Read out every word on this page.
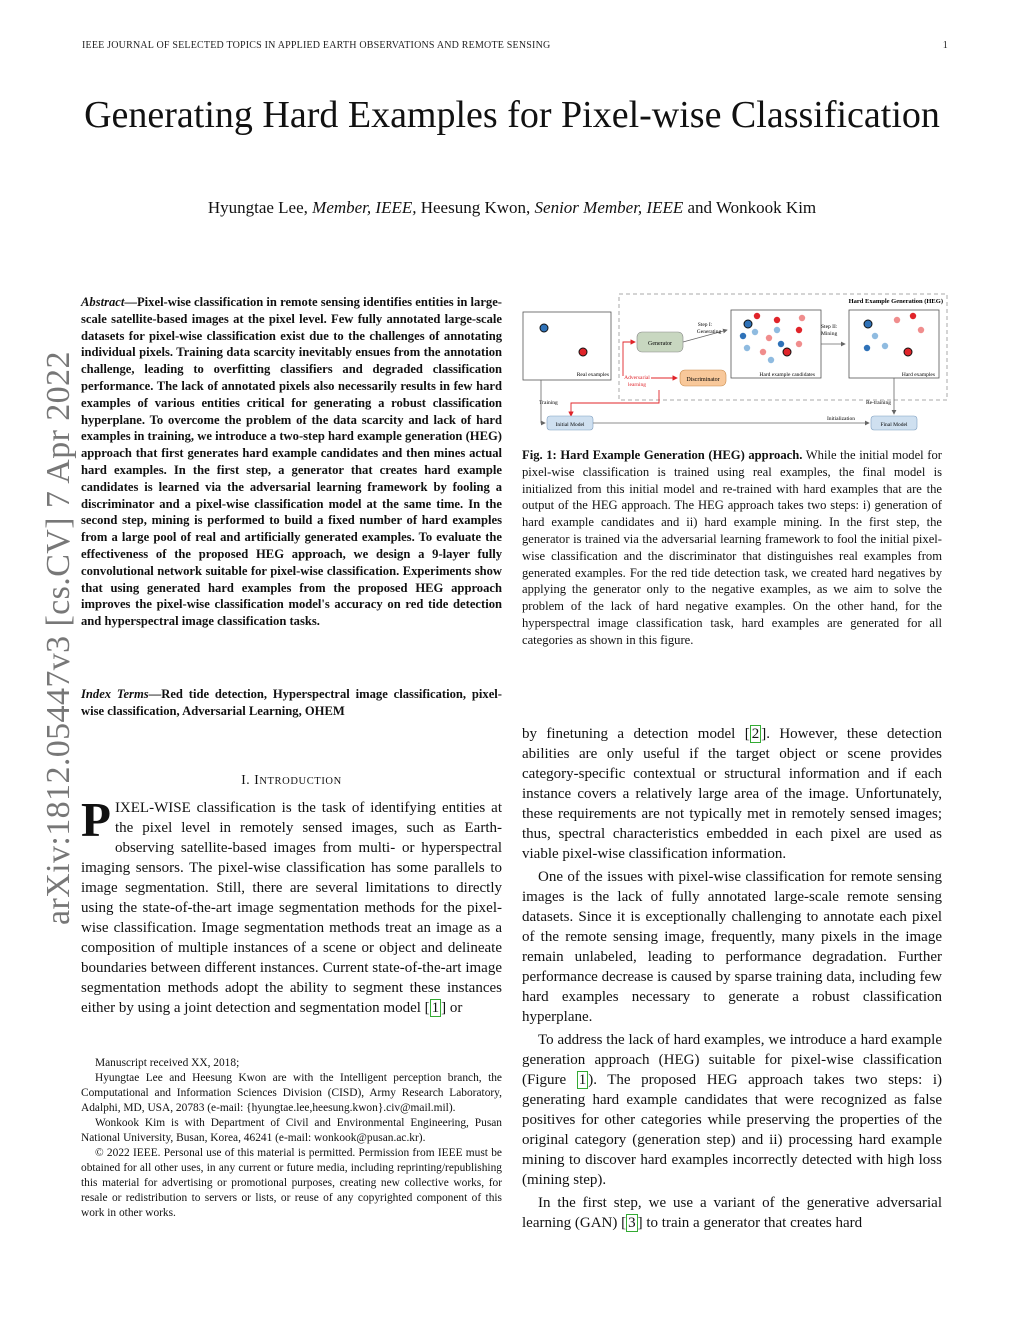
IEEE JOURNAL OF SELECTED TOPICS IN APPLIED EARTH OBSERVATIONS AND REMOTE SENSING	1
Generating Hard Examples for Pixel-wise Classification
Hyungtae Lee, Member, IEEE, Heesung Kwon, Senior Member, IEEE and Wonkook Kim
arXiv:1812.05447v3 [cs.CV] 7 Apr 2022
Abstract—Pixel-wise classification in remote sensing identifies entities in large-scale satellite-based images at the pixel level. Few fully annotated large-scale datasets for pixel-wise classification exist due to the challenges of annotating individual pixels. Training data scarcity inevitably ensues from the annotation challenge, leading to overfitting classifiers and degraded classification performance. The lack of annotated pixels also necessarily results in few hard examples of various entities critical for generating a robust classification hyperplane. To overcome the problem of the data scarcity and lack of hard examples in training, we introduce a two-step hard example generation (HEG) approach that first generates hard example candidates and then mines actual hard examples. In the first step, a generator that creates hard example candidates is learned via the adversarial learning framework by fooling a discriminator and a pixel-wise classification model at the same time. In the second step, mining is performed to build a fixed number of hard examples from a large pool of real and artificially generated examples. To evaluate the effectiveness of the proposed HEG approach, we design a 9-layer fully convolutional network suitable for pixel-wise classification. Experiments show that using generated hard examples from the proposed HEG approach improves the pixel-wise classification model's accuracy on red tide detection and hyperspectral image classification tasks.
Index Terms—Red tide detection, Hyperspectral image classification, pixel-wise classification, Adversarial Learning, OHEM
I. INTRODUCTION
PIXEL-WISE classification is the task of identifying entities at the pixel level in remotely sensed images, such as Earth-observing satellite-based images from multi- or hyperspectral imaging sensors. The pixel-wise classification has some parallels to image segmentation. Still, there are several limitations to directly using the state-of-the-art image segmentation methods for the pixel-wise classification. Image segmentation methods treat an image as a composition of multiple instances of a scene or object and delineate boundaries between different instances. Current state-of-the-art image segmentation methods adopt the ability to segment these instances either by using a joint detection and segmentation model [ 1 ] or

Manuscript received XX, 2018;

Hyungtae Lee and Heesung Kwon are with the Intelligent perception branch, the Computational and Information Sciences Division (CISD), Army Research Laboratory, Adalphi, MD, USA, 20783 (e-mail: {hyungtae.lee,heesung.kwon}.civ@mail.mil).

Wonkook Kim is with Department of Civil and Environmental Engineering, Pusan National University, Busan, Korea, 46241 (e-mail: wonkook@pusan.ac.kr).

© 2022 IEEE. Personal use of this material is permitted. Permission from IEEE must be obtained for all other uses, in any current or future media, including reprinting/republishing this material for advertising or promotional purposes, creating new collective works, for resale or redistribution to servers or lists, or reuse of any copyrighted component of this work in other works.

Hard Example Generation (HEG)
Real examples
Generator
Discriminator
Adversarial
learning
Step I:
Generating
Hard example candidates
Step II:
Mining
Hard examples
Initial Model
Training
Final Model
Initialization
Re-training
Fig. 1: Hard Example Generation (HEG) approach. While the initial model for pixel-wise classification is trained using real examples, the final model is initialized from this initial model and re-trained with hard examples that are the output of the HEG approach. The HEG approach takes two steps: i) generation of hard example candidates and ii) hard example mining. In the first step, the generator is trained via the adversarial learning framework to fool the initial pixel-wise classification and the discriminator that distinguishes real examples from generated examples. For the red tide detection task, we created hard negatives by applying the generator only to the negative examples, as we aim to solve the problem of the lack of hard negative examples. On the other hand, for the hyperspectral image classification task, hard examples are generated for all categories as shown in this figure.

by finetuning a detection model [ 2 ]. However, these detection abilities are only useful if the target object or scene provides category-specific contextual or structural information and if each instance covers a relatively large area of the image. Unfortunately, these requirements are not typically met in remotely sensed images; thus, spectral characteristics embedded in each pixel are used as viable pixel-wise classification information.

One of the issues with pixel-wise classification for remote sensing images is the lack of fully annotated large-scale remote sensing datasets. Since it is exceptionally challenging to annotate each pixel of the remote sensing image, frequently, many pixels in the image remain unlabeled, leading to performance degradation. Further performance decrease is caused by sparse training data, including few hard examples necessary to generate a robust classification hyperplane.

To address the lack of hard examples, we introduce a hard example generation approach (HEG) suitable for pixel-wise classification (Figure 1 ). The proposed HEG approach takes two steps: i) generating hard example candidates that were recognized as false positives for other categories while preserving the properties of the original category (generation step) and ii) processing hard example mining to discover hard examples incorrectly detected with high loss (mining step).

In the first step, we use a variant of the generative adversarial learning (GAN) [ 3 ] to train a generator that creates hard
